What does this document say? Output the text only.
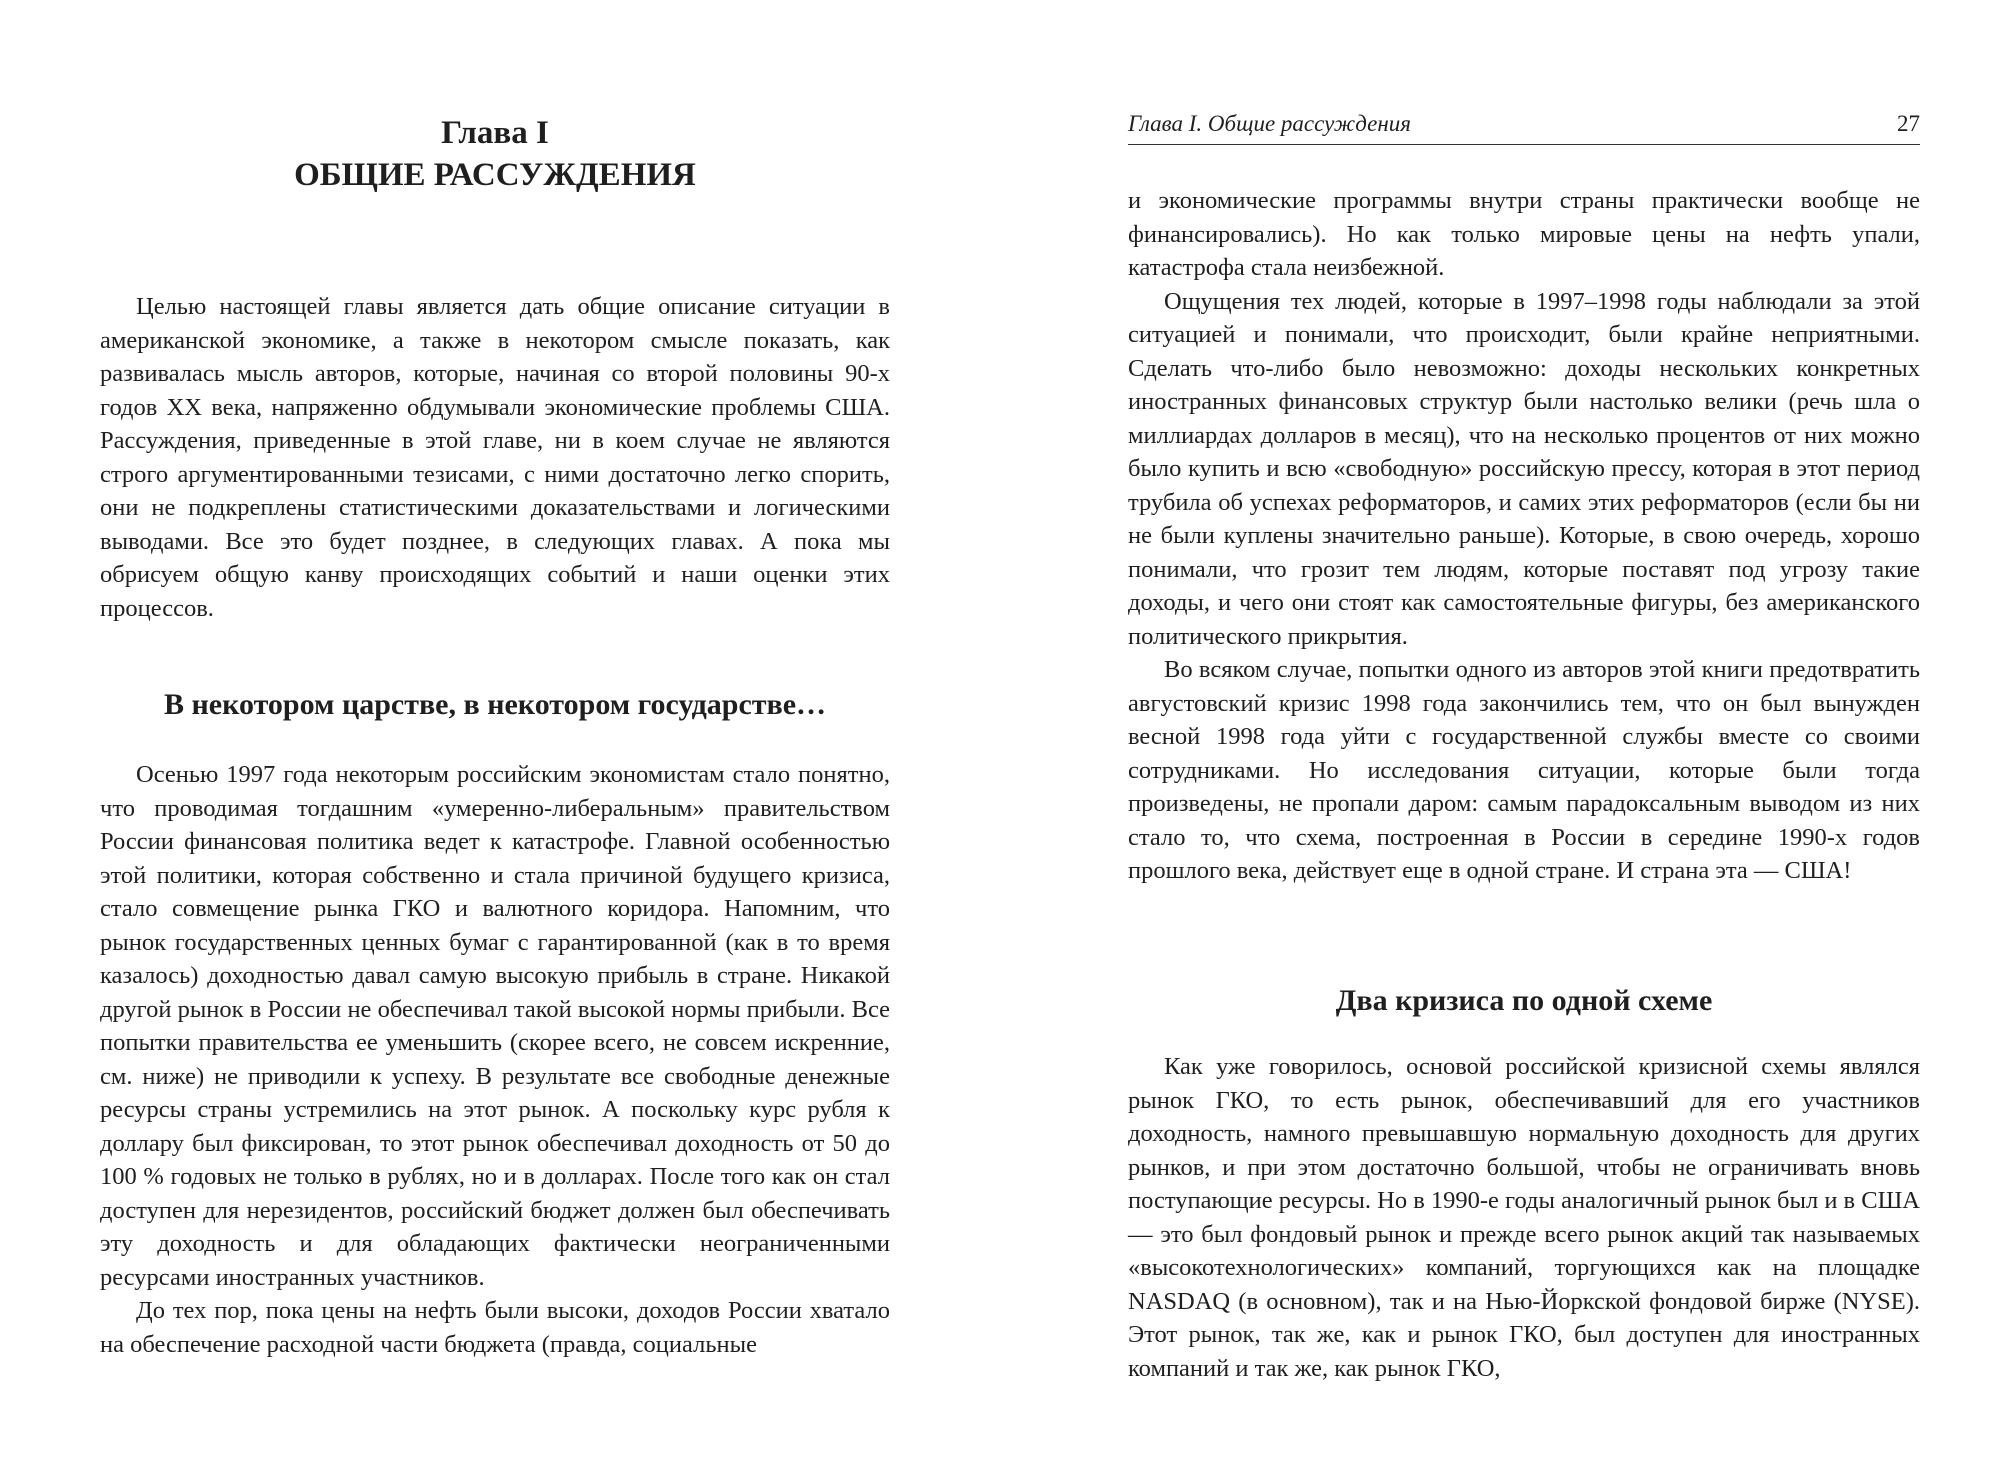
Глава I
ОБЩИЕ РАССУЖДЕНИЯ

Целью настоящей главы является дать общие описание ситуации в американской экономике, а также в некотором смысле показать, как развивалась мысль авторов, которые, начиная со второй половины 90-х годов XX века, напряженно обдумывали экономические проблемы США. Рассуждения, приведенные в этой главе, ни в коем случае не являются строго аргументированными тезисами, с ними достаточно легко спорить, они не подкреплены статистическими доказательствами и логическими выводами. Все это будет позднее, в следующих главах. А пока мы обрисуем общую канву происходящих событий и наши оценки этих процессов.

В некотором царстве, в некотором государстве…

Осенью 1997 года некоторым российским экономистам стало понятно, что проводимая тогдашним «умеренно-либеральным» правительством России финансовая политика ведет к катастрофе. Главной особенностью этой политики, которая собственно и стала причиной будущего кризиса, стало совмещение рынка ГКО и валютного коридора. Напомним, что рынок государственных ценных бумаг с гарантированной (как в то время казалось) доходностью давал самую высокую прибыль в стране. Никакой другой рынок в России не обеспечивал такой высокой нормы прибыли. Все попытки правительства ее уменьшить (скорее всего, не совсем искренние, см. ниже) не приводили к успеху. В результате все свободные денежные ресурсы страны устремились на этот рынок. А поскольку курс рубля к доллару был фиксирован, то этот рынок обеспечивал доходность от 50 до 100 % годовых не только в рублях, но и в долларах. После того как он стал доступен для нерезидентов, российский бюджет должен был обеспечивать эту доходность и для обладающих фактически неограниченными ресурсами иностранных участников.

До тех пор, пока цены на нефть были высоки, доходов России хватало на обеспечение расходной части бюджета (правда, социальные

Глава I. Общие рассуждения	27

и экономические программы внутри страны практически вообще не финансировались). Но как только мировые цены на нефть упали, катастрофа стала неизбежной.

Ощущения тех людей, которые в 1997–1998 годы наблюдали за этой ситуацией и понимали, что происходит, были крайне неприятными. Сделать что-либо было невозможно: доходы нескольких конкретных иностранных финансовых структур были настолько велики (речь шла о миллиардах долларов в месяц), что на несколько процентов от них можно было купить и всю «свободную» российскую прессу, которая в этот период трубила об успехах реформаторов, и самих этих реформаторов (если бы ни не были куплены значительно раньше). Которые, в свою очередь, хорошо понимали, что грозит тем людям, которые поставят под угрозу такие доходы, и чего они стоят как самостоятельные фигуры, без американского политического прикрытия.

Во всяком случае, попытки одного из авторов этой книги предотвратить августовский кризис 1998 года закончились тем, что он был вынужден весной 1998 года уйти с государственной службы вместе со своими сотрудниками. Но исследования ситуации, которые были тогда произведены, не пропали даром: самым парадоксальным выводом из них стало то, что схема, построенная в России в середине 1990-х годов прошлого века, действует еще в одной стране. И страна эта — США!

Два кризиса по одной схеме

Как уже говорилось, основой российской кризисной схемы являлся рынок ГКО, то есть рынок, обеспечивавший для его участников доходность, намного превышавшую нормальную доходность для других рынков, и при этом достаточно большой, чтобы не ограничивать вновь поступающие ресурсы. Но в 1990-е годы аналогичный рынок был и в США — это был фондовый рынок и прежде всего рынок акций так называемых «высокотехнологических» компаний, торгующихся как на площадке NASDAQ (в основном), так и на Нью-Йоркской фондовой бирже (NYSE). Этот рынок, так же, как и рынок ГКО, был доступен для иностранных компаний и так же, как рынок ГКО,
